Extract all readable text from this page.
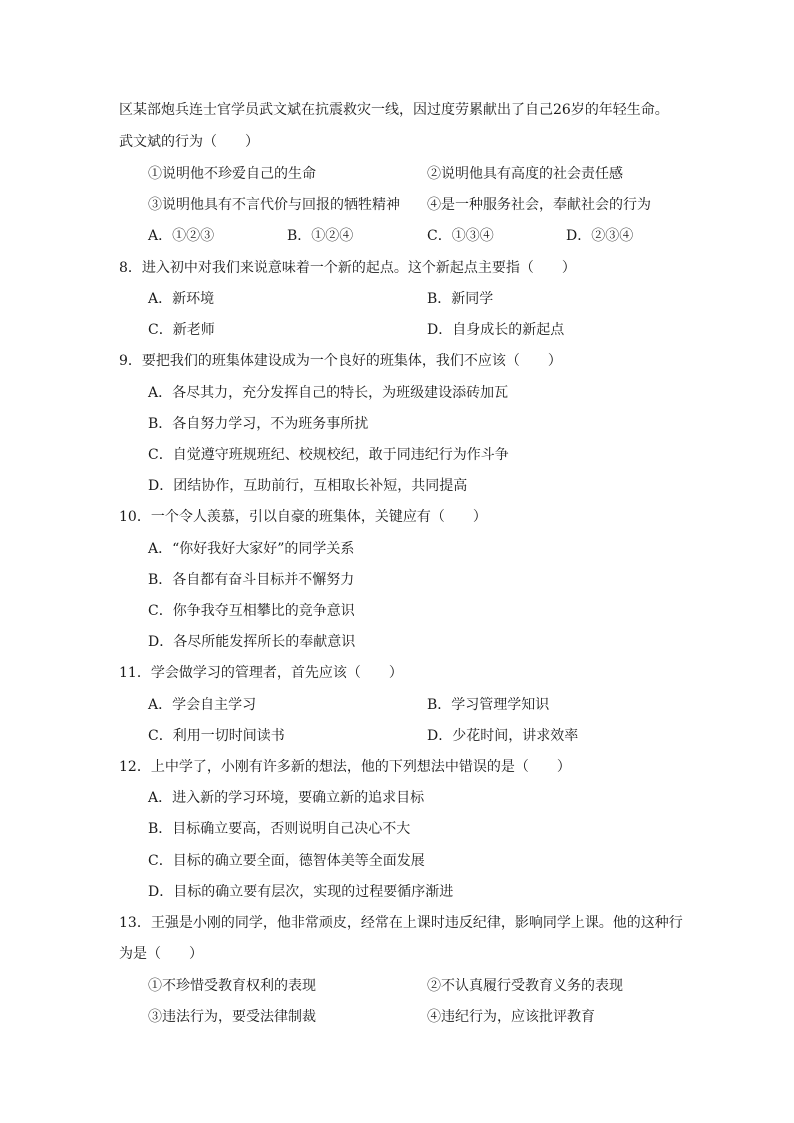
区某部炮兵连士官学员武文斌在抗震救灾一线，因过度劳累献出了自己26岁的年轻生命。
武文斌的行为（　　）
①说明他不珍爱自己的生命	②说明他具有高度的社会责任感
③说明他具有不言代价与回报的牺牲精神 ④是一种服务社会，奉献社会的行为
A．①②③	B．①②④	C．①③④	D．②③④
8．进入初中对我们来说意味着一个新的起点。这个新起点主要指（　　）
A．新环境	B．新同学
C．新老师	D．自身成长的新起点
9．要把我们的班集体建设成为一个良好的班集体，我们不应该（　　）
A．各尽其力，充分发挥自己的特长，为班级建设添砖加瓦
B．各自努力学习，不为班务事所扰
C．自觉遵守班规班纪、校规校纪，敢于同违纪行为作斗争
D．团结协作，互助前行，互相取长补短，共同提高
10．一个令人羡慕，引以自豪的班集体，关键应有（　　）
A．“你好我好大家好”的同学关系
B．各自都有奋斗目标并不懈努力
C．你争我夺互相攀比的竞争意识
D．各尽所能发挥所长的奉献意识
11．学会做学习的管理者，首先应该（　　）
A．学会自主学习	B．学习管理学知识
C．利用一切时间读书	D．少花时间，讲求效率
12．上中学了，小刚有许多新的想法，他的下列想法中错误的是（　　）
A．进入新的学习环境，要确立新的追求目标
B．目标确立要高，否则说明自己决心不大
C．目标的确立要全面，德智体美等全面发展
D．目标的确立要有层次，实现的过程要循序渐进
13．王强是小刚的同学，他非常顽皮，经常在上课时违反纪律，影响同学上课。他的这种行
为是（　　）
①不珍惜受教育权利的表现	②不认真履行受教育义务的表现
③违法行为，要受法律制裁	④违纪行为，应该批评教育
